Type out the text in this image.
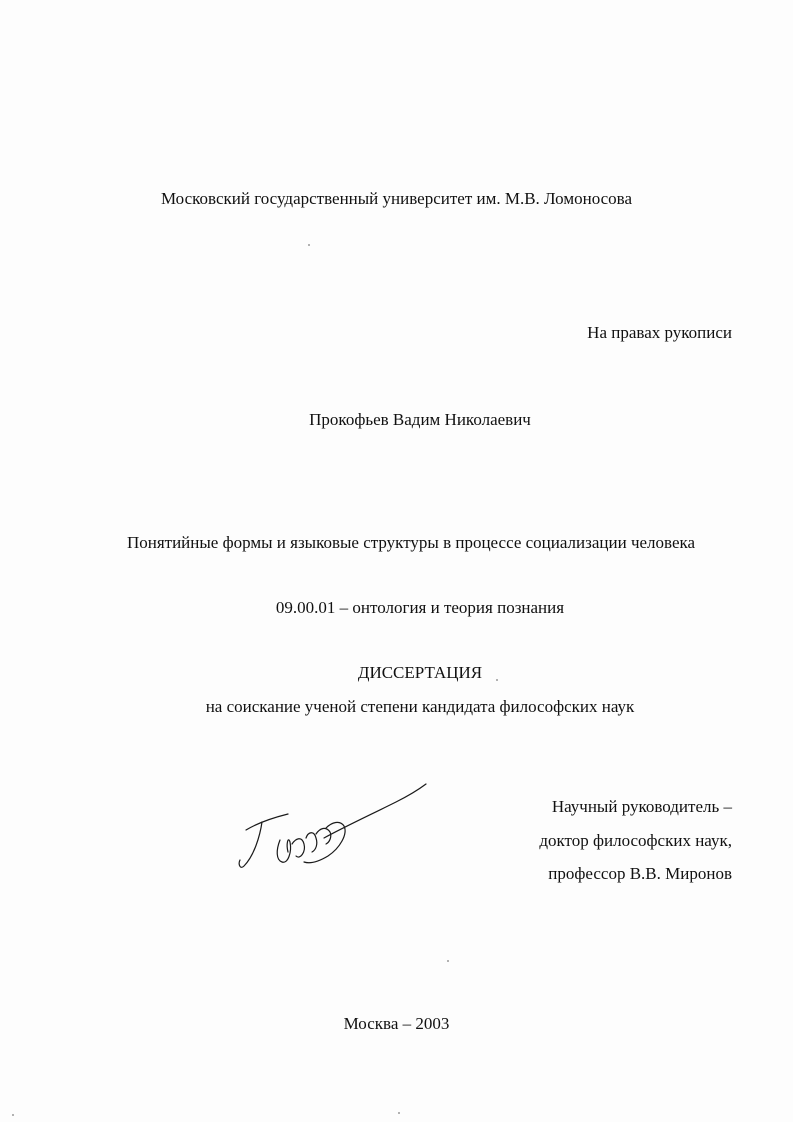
Московский государственный университет им. М.В. Ломоносова
На правах рукописи
Прокофьев Вадим Николаевич
Понятийные формы и языковые структуры в процессе социализации человека
09.00.01 – онтология и теория познания
ДИССЕРТАЦИЯ
на соискание ученой степени кандидата философских наук
Научный руководитель –
доктор философских наук,
профессор В.В. Миронов
Москва – 2003
